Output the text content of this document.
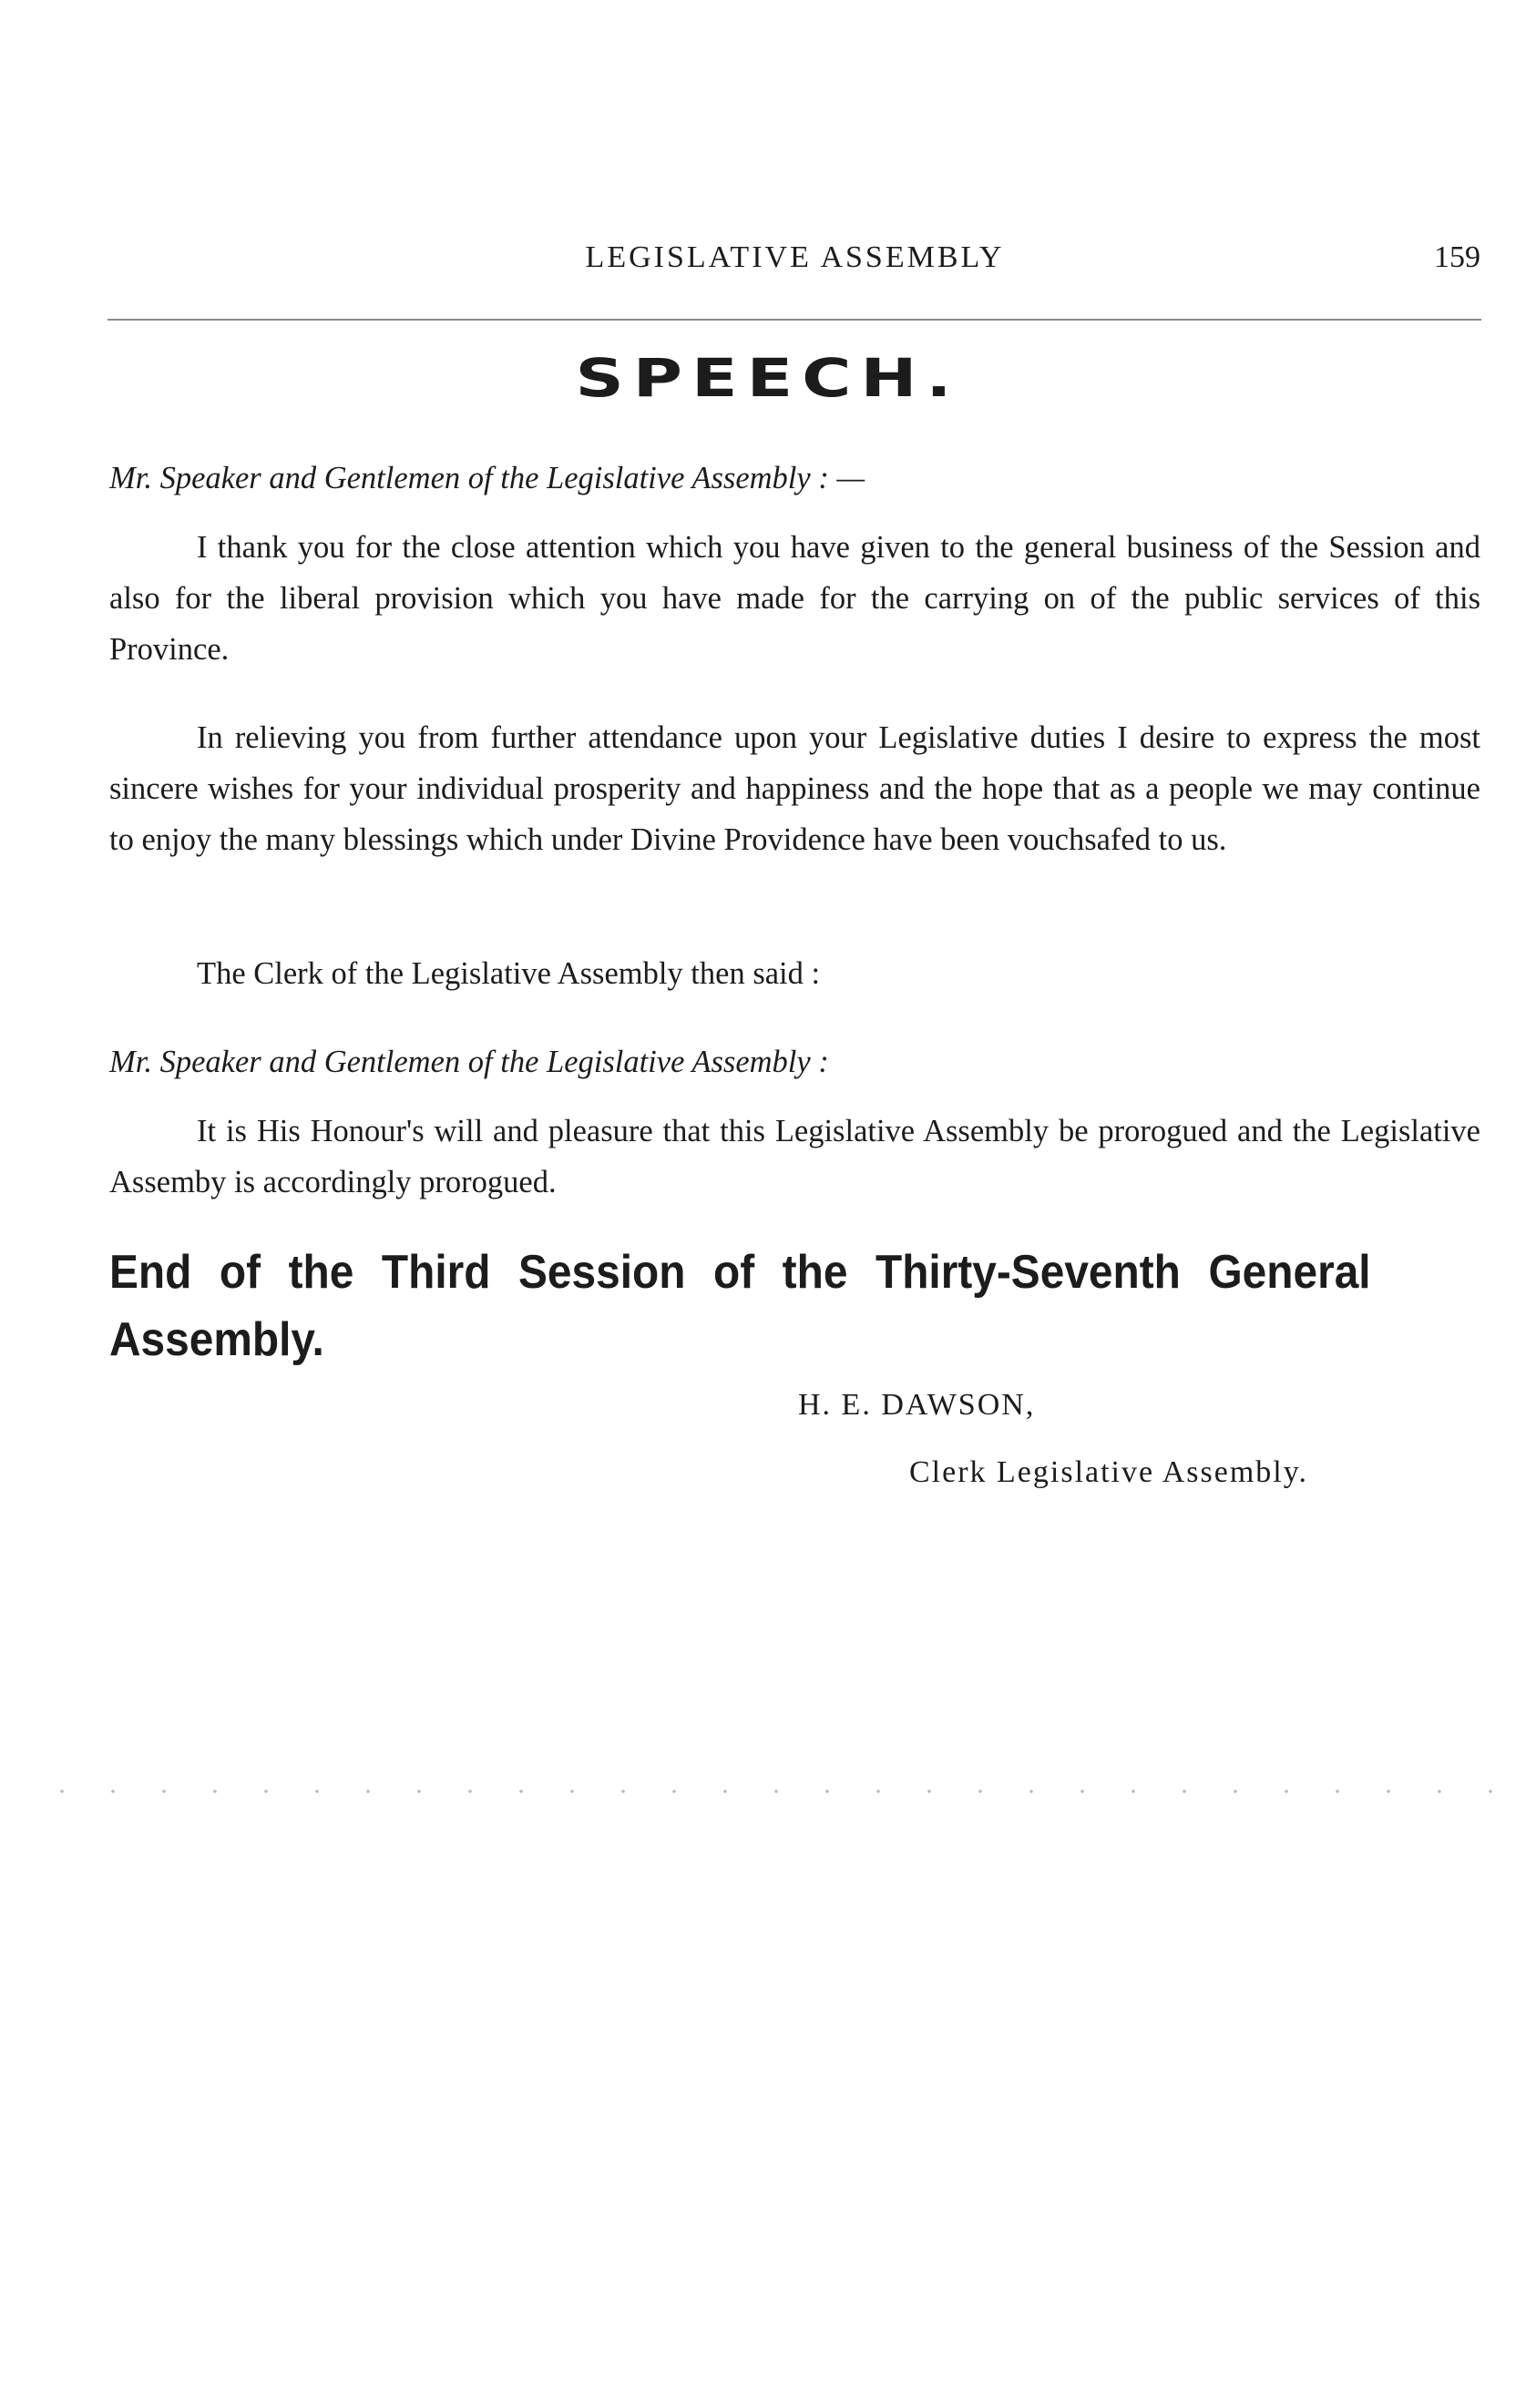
LEGISLATIVE ASSEMBLY	159
SPEECH.
Mr. Speaker and Gentlemen of the Legislative Assembly : —
I thank you for the close attention which you have given to the general business of the Session and also for the liberal provision which you have made for the carrying on of the public services of this Province.
In relieving you from further attendance upon your Legislative duties I desire to express the most sincere wishes for your individual prosperity and happiness and the hope that as a people we may continue to enjoy the many blessings which under Divine Providence have been vouchsafed to us.
The Clerk of the Legislative Assembly then said :
Mr. Speaker and Gentlemen of the Legislative Assembly :
It is His Honour's will and pleasure that this Legislative Assembly be prorogued and the Legislative Assemby is accordingly prorogued.
End of the Third Session of the Thirty-Seventh General Assembly.
H. E. DAWSON,
Clerk Legislative Assembly.
